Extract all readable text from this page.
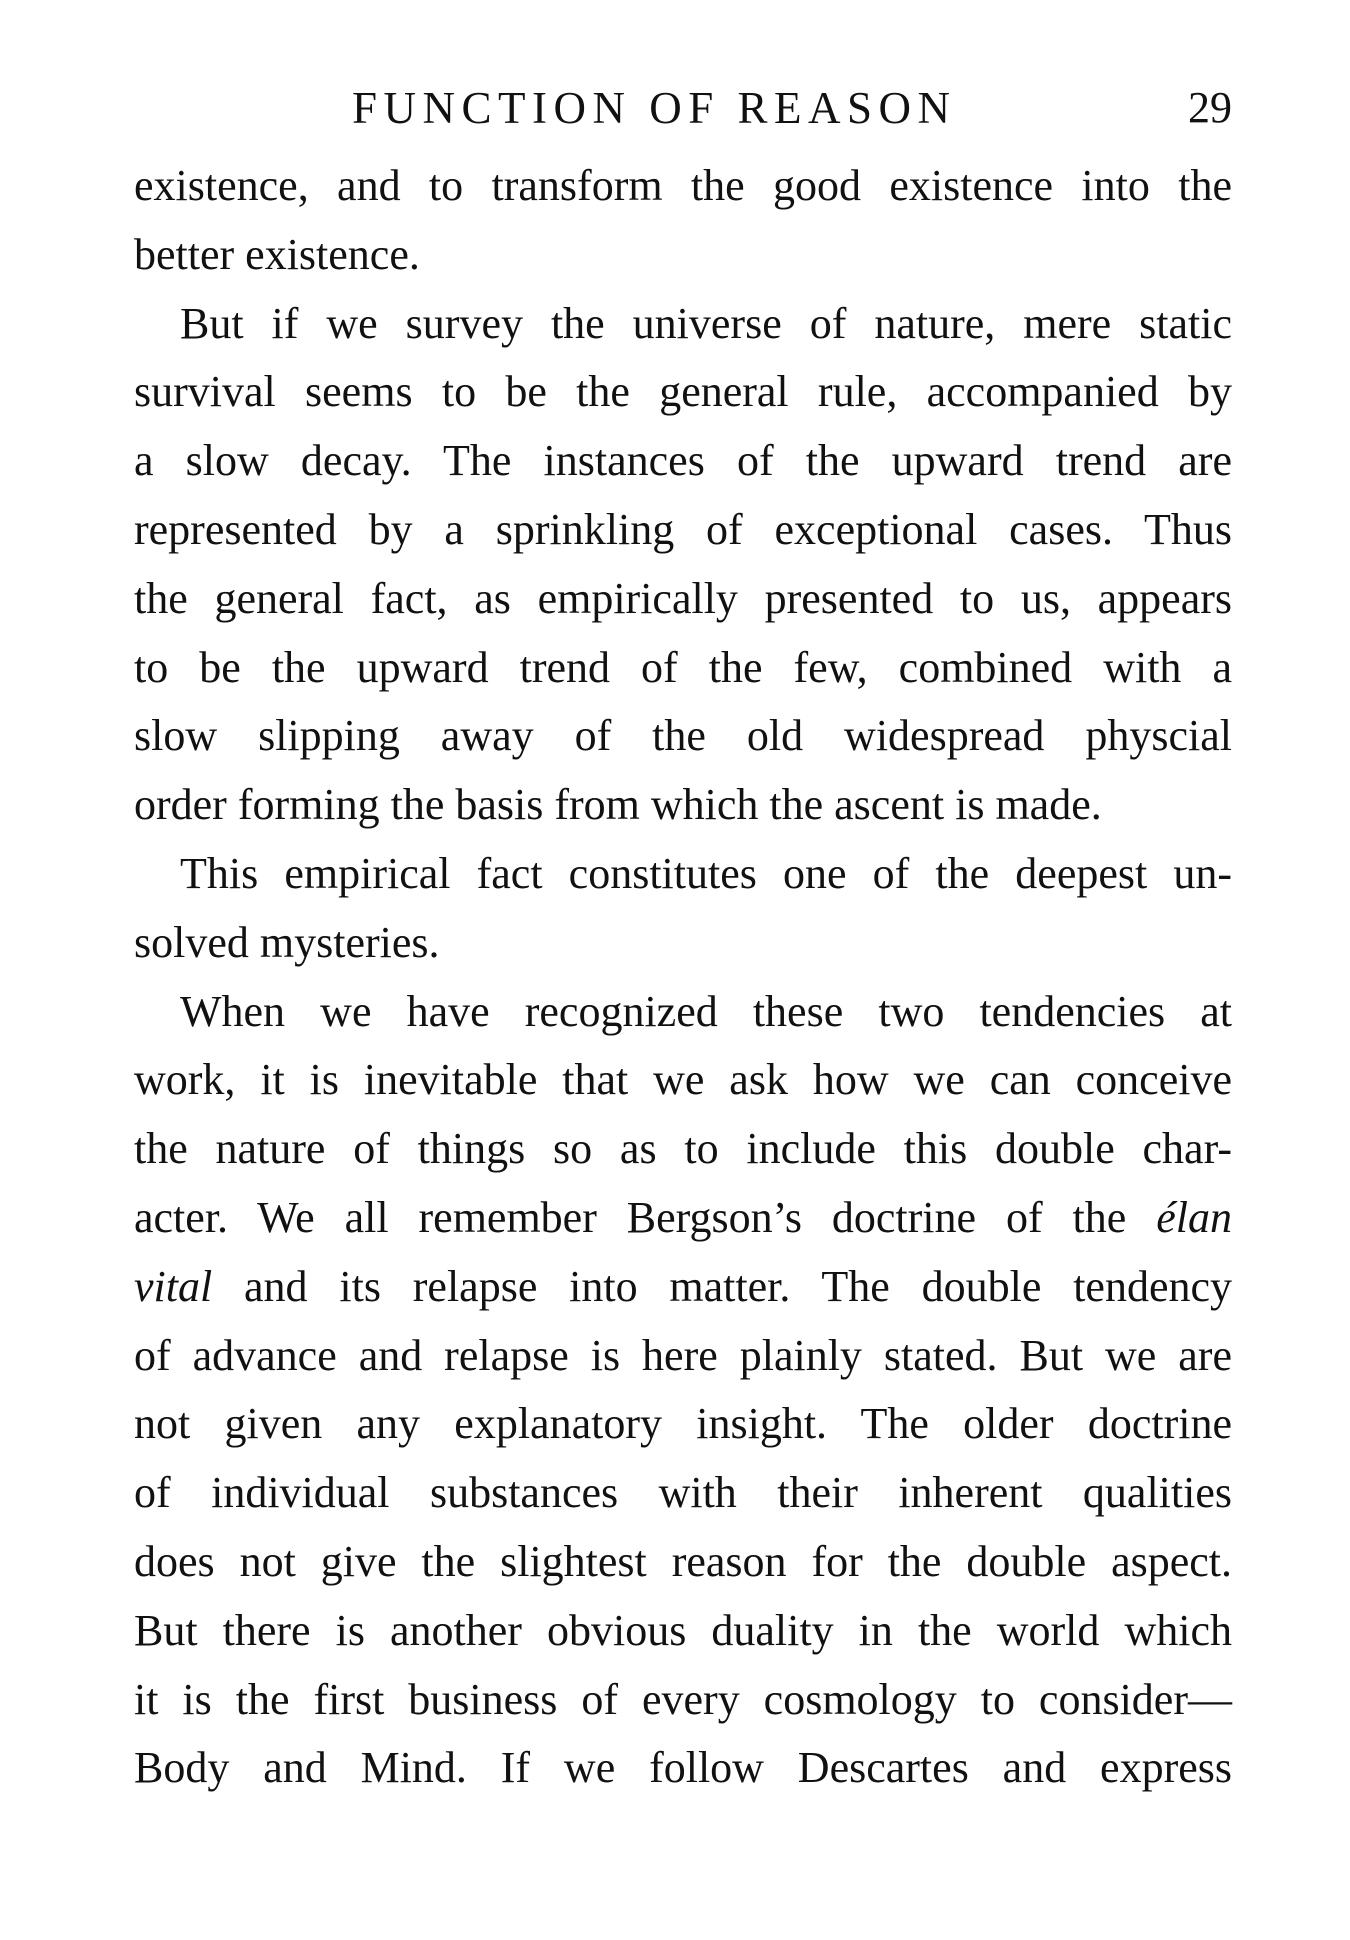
FUNCTION OF REASON	29
existence, and to transform the good existence into the
better existence.
But if we survey the universe of nature, mere static
survival seems to be the general rule, accompanied by
a slow decay. The instances of the upward trend are
represented by a sprinkling of exceptional cases. Thus
the general fact, as empirically presented to us, appears
to be the upward trend of the few, combined with a
slow slipping away of the old widespread physcial
order forming the basis from which the ascent is made.
This empirical fact constitutes one of the deepest un-
solved mysteries.
When we have recognized these two tendencies at
work, it is inevitable that we ask how we can conceive
the nature of things so as to include this double char-
acter. We all remember Bergson’s doctrine of the élan
vital and its relapse into matter. The double tendency
of advance and relapse is here plainly stated. But we are
not given any explanatory insight. The older doctrine
of individual substances with their inherent qualities
does not give the slightest reason for the double aspect.
But there is another obvious duality in the world which
it is the first business of every cosmology to consider—
Body and Mind. If we follow Descartes and express
